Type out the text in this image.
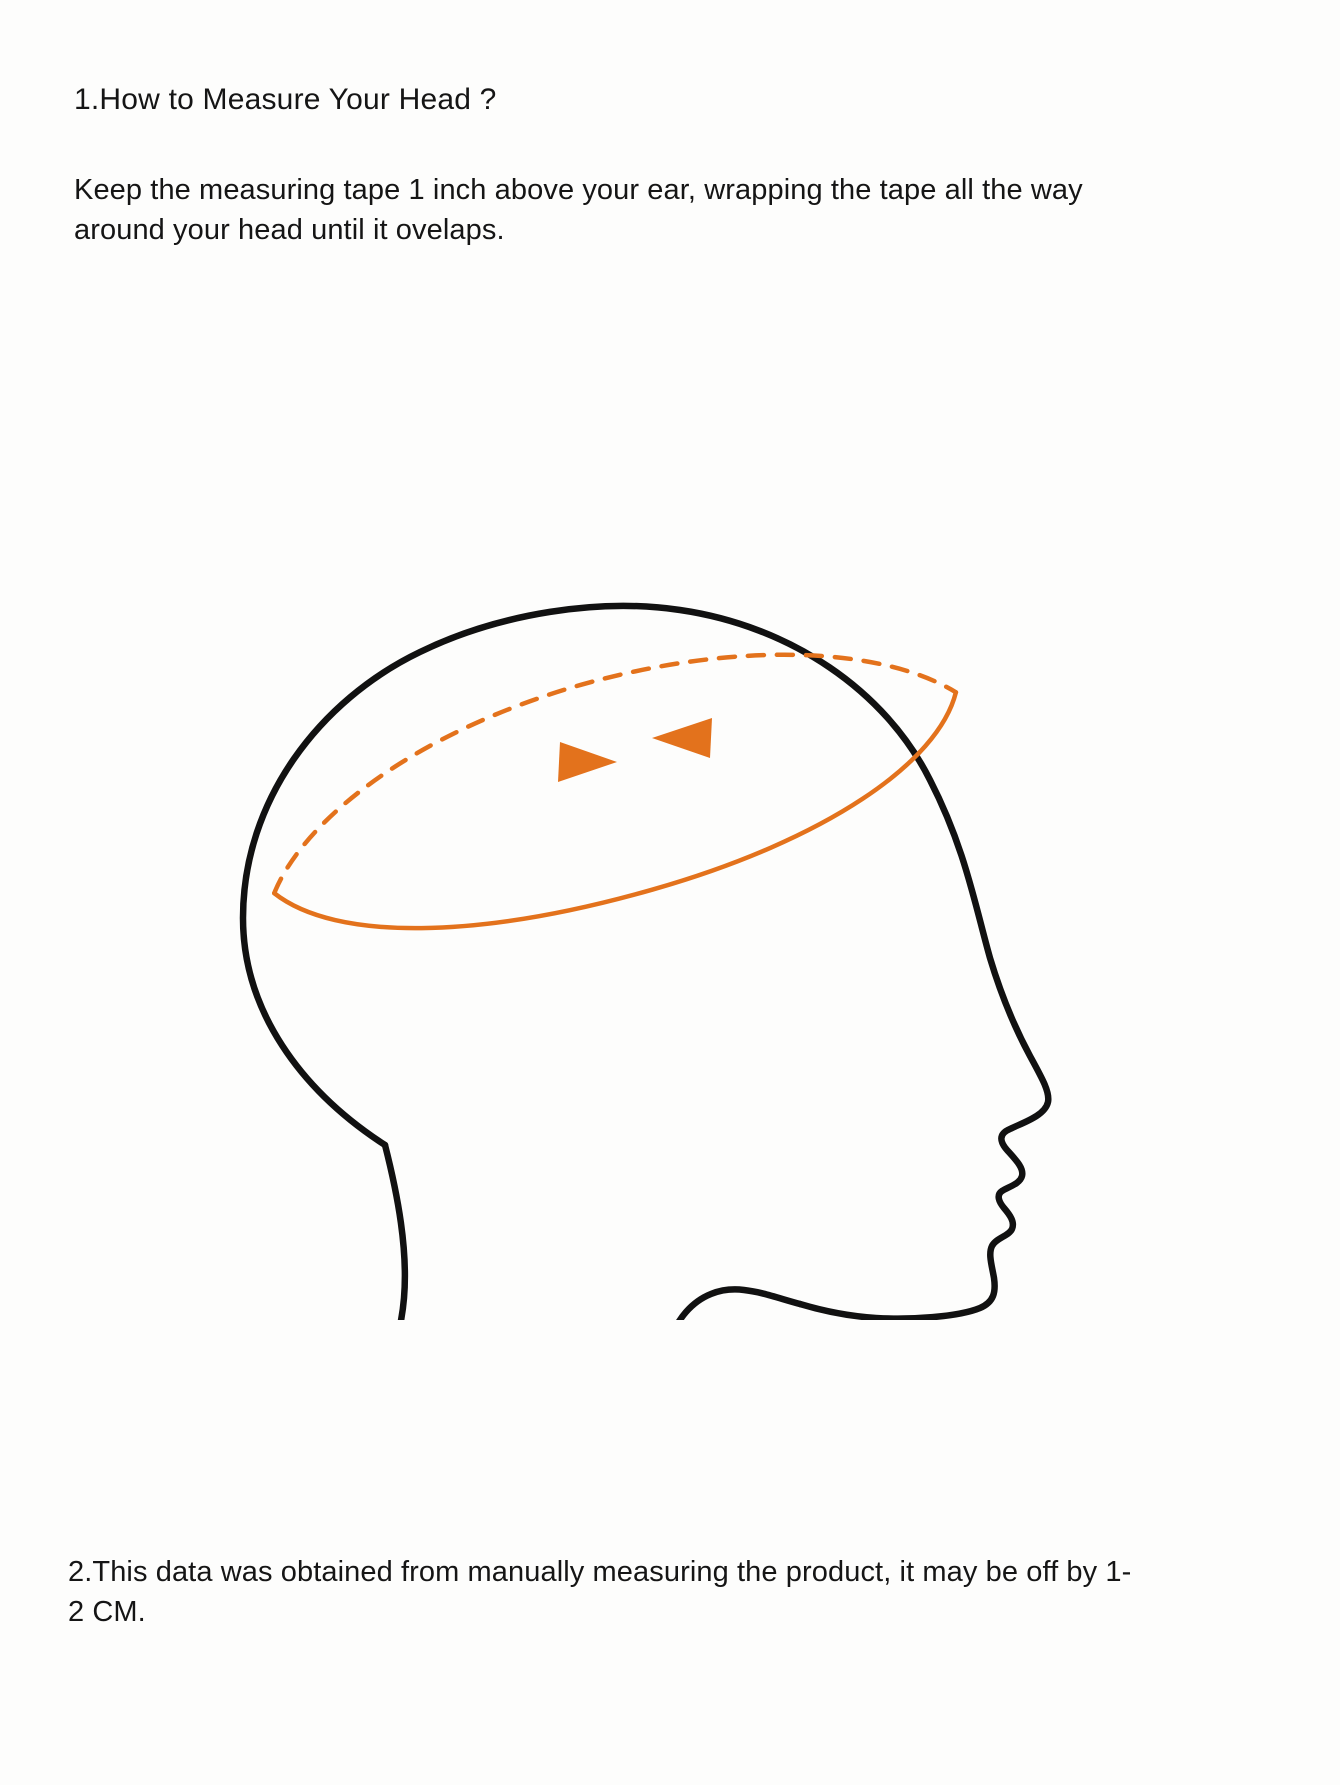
1.How to Measure Your Head ?
Keep the measuring tape 1 inch above your ear, wrapping the tape all the way around your head until it ovelaps.
2.This data was obtained from manually measuring the product, it may be off by 1-2 CM.
